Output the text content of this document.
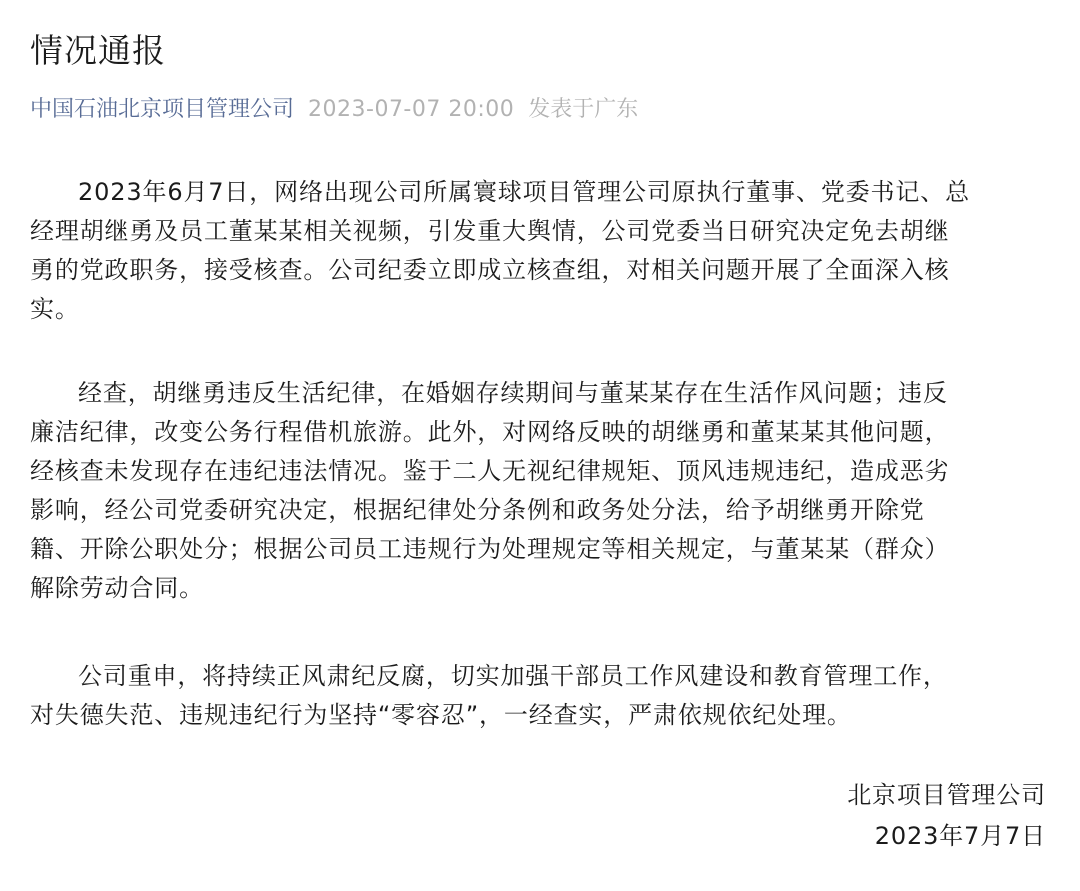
情况通报
中国石油北京项目管理公司 2023-07-07 20:00 发表于广东
2023年6月7日，网络出现公司所属寰球项目管理公司原执行董事、党委书记、总
经理胡继勇及员工董某某相关视频，引发重大舆情，公司党委当日研究决定免去胡继
勇的党政职务，接受核查。公司纪委立即成立核查组，对相关问题开展了全面深入核
实。
经查，胡继勇违反生活纪律，在婚姻存续期间与董某某存在生活作风问题；违反
廉洁纪律，改变公务行程借机旅游。此外，对网络反映的胡继勇和董某某其他问题，
经核查未发现存在违纪违法情况。鉴于二人无视纪律规矩、顶风违规违纪，造成恶劣
影响，经公司党委研究决定，根据纪律处分条例和政务处分法，给予胡继勇开除党
籍、开除公职处分；根据公司员工违规行为处理规定等相关规定，与董某某（群众）
解除劳动合同。
公司重申，将持续正风肃纪反腐，切实加强干部员工作风建设和教育管理工作，
对失德失范、违规违纪行为坚持“零容忍”，一经查实，严肃依规依纪处理。
北京项目管理公司
2023年7月7日
